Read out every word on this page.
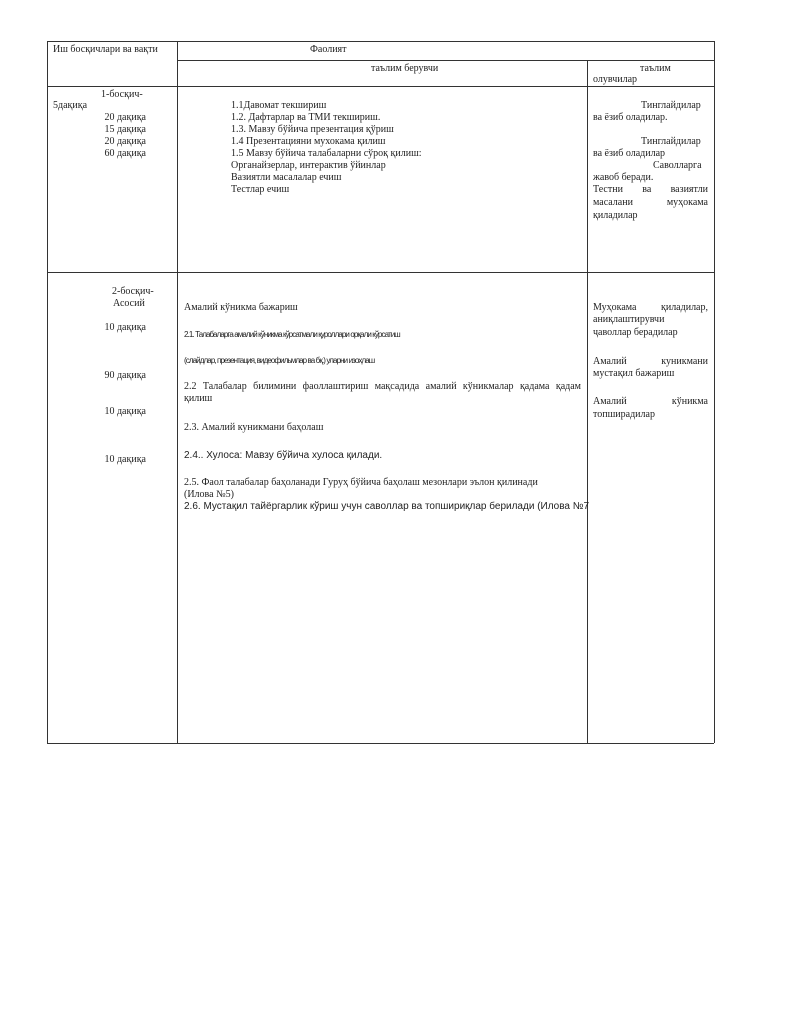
Иш босқичлари ва вақти	Фаолият
таълим берувчи	таълим
олувчилар
1-босқич-
5дақиқа
20 дақиқа
15 дақиқа
20 дақиқа
60 дақиқа
1.1Давомат текшириш
1.2. Дафтарлар ва ТМИ текшириш.
1.3. Мавзу бўйича презентация қўриш
1.4 Презентацияни мухокама қилиш
1.5 Мавзу бўйича талабаларни сўроқ қилиш:
Органайзерлар, интерактив ўйинлар
Вазиятли масалалар ечиш
Тестлар ечиш
Тинглайдилар
ва ёзиб оладилар.
Тинглайдилар
ва ёзиб оладилар
Саволларга
жавоб беради.
Тестни ва вазиятли
масалани муҳокама
қиладилар
2-босқич-
Асосий
10 дақиқа
90 дақиқа
10 дақиқа
10 дақиқа
Амалий кўникма бажариш
2.1. Талабаларга амалий кўникма кўрсатмали қуроллари орқали кўрсатиш
(слайдлар, презентация, видеофильмлар ва бқ.) уларни изоҳлаш
2.2 Талабалар билимини фаоллаштириш мақсадида амалий кўникмалар қадама қадам
қилиш
2.3. Амалий куникмани баҳолаш
2.4.. Хулоса: Мавзу бўйича хулоса қилади.
2.5. Фаол талабалар баҳоланади Гуруҳ бўйича баҳолаш мезонлари эълон қилинади
(Илова №5)
2.6. Мустақил тайёргарлик кўриш учун саволлар ва топшириқлар берилади (Илова №7
Муҳокама қиладилар,
аниқлаштирувчи
ҷаволлар берадилар
Амалий куникмани
мустақил бажариш
Амалий кўникма
топширадилар
